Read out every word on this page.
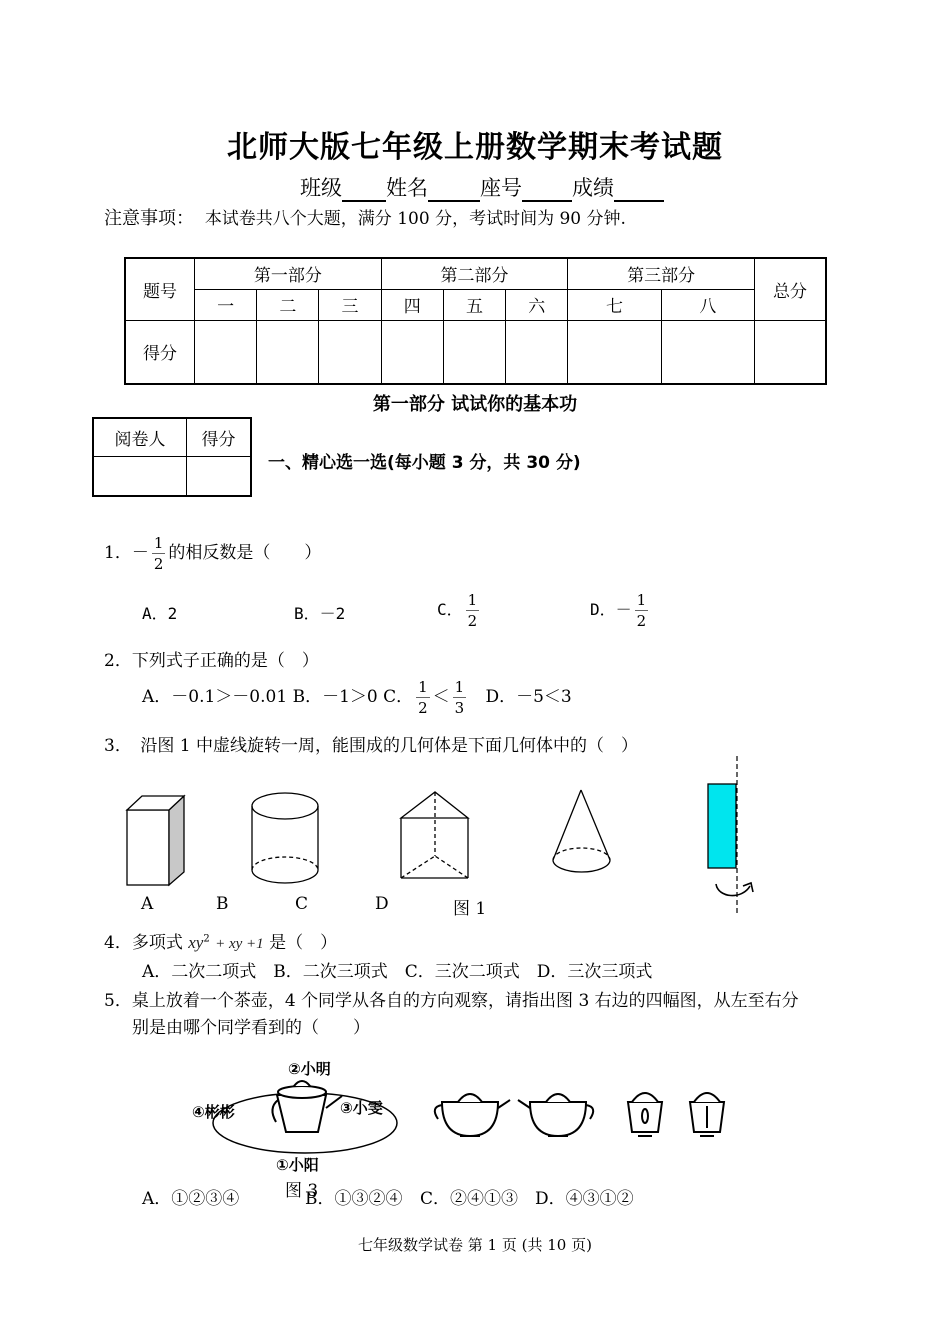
北师大版七年级上册数学期末考试题
班级 姓名 座号 成绩
注意事项： 本试卷共八个大题，满分 100 分，考试时间为 90 分钟.
题号	第一部分			第二部分			第三部分		总分
	一	二	三	四	五	六	七	八	
得分									
第一部分 试试你的基本功
阅卷人	得分

一、精心选一选(每小题 3 分，共 30 分)
1．－ $\frac{1}{2}$ 的相反数是（　　）
A．2	B．－2	C． $\frac{1}{2}$	D．－ $\frac{1}{2}$
2．下列式子正确的是（　）
A．－0.1＞－0.01 B．－1＞0 C． $\frac{1}{2} < \frac{1}{3}$ D．－5＜3
3．　沿图 1 中虚线旋转一周，能围成的几何体是下面几何体中的（　）
A	B	C	D	图 1
4．多项式 $xy^2$ + xy +1 是（　）
A．二次二项式　B．二次三项式　C．三次二项式　D．三次三项式
5．桌上放着一个茶壶，4 个同学从各自的方向观察，请指出图 3 右边的四幅图，从左至右分
别是由哪个同学看到的（　　）
②小明
④彬彬	③小雯
①小阳
图 3
A．①②③④	B．①③②④ C．②④①③ D．④③①②
七年级数学试卷 第 1 页 (共 10 页)
